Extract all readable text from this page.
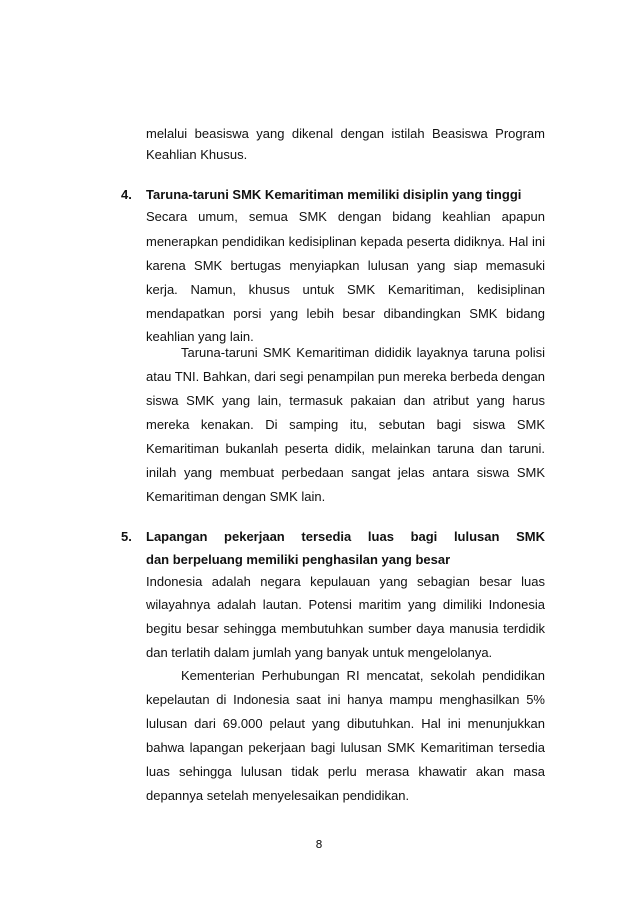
melalui beasiswa yang dikenal dengan istilah Beasiswa Program
Keahlian Khusus.
4. Taruna-taruni SMK Kemaritiman memiliki disiplin yang tinggi
Secara umum, semua SMK dengan bidang keahlian apapun
menerapkan pendidikan kedisiplinan kepada peserta didiknya. Hal ini
karena SMK bertugas menyiapkan lulusan yang siap memasuki
kerja. Namun, khusus untuk SMK Kemaritiman, kedisiplinan
mendapatkan porsi yang lebih besar dibandingkan SMK bidang
keahlian yang lain.
Taruna-taruni SMK Kemaritiman dididik layaknya taruna polisi
atau TNI. Bahkan, dari segi penampilan pun mereka berbeda dengan
siswa SMK yang lain, termasuk pakaian dan atribut yang harus
mereka kenakan. Di samping itu, sebutan bagi siswa SMK
Kemaritiman bukanlah peserta didik, melainkan taruna dan taruni.
inilah yang membuat perbedaan sangat jelas antara siswa SMK
Kemaritiman dengan SMK lain.
5. Lapangan pekerjaan tersedia luas bagi lulusan SMK
dan berpeluang memiliki penghasilan yang besar
Indonesia adalah negara kepulauan yang sebagian besar luas
wilayahnya adalah lautan. Potensi maritim yang dimiliki Indonesia
begitu besar sehingga membutuhkan sumber daya manusia terdidik
dan terlatih dalam jumlah yang banyak untuk mengelolanya.
Kementerian Perhubungan RI mencatat, sekolah pendidikan
kepelautan di Indonesia saat ini hanya mampu menghasilkan 5%
lulusan dari 69.000 pelaut yang dibutuhkan. Hal ini menunjukkan
bahwa lapangan pekerjaan bagi lulusan SMK Kemaritiman tersedia
luas sehingga lulusan tidak perlu merasa khawatir akan masa
depannya setelah menyelesaikan pendidikan.
8
